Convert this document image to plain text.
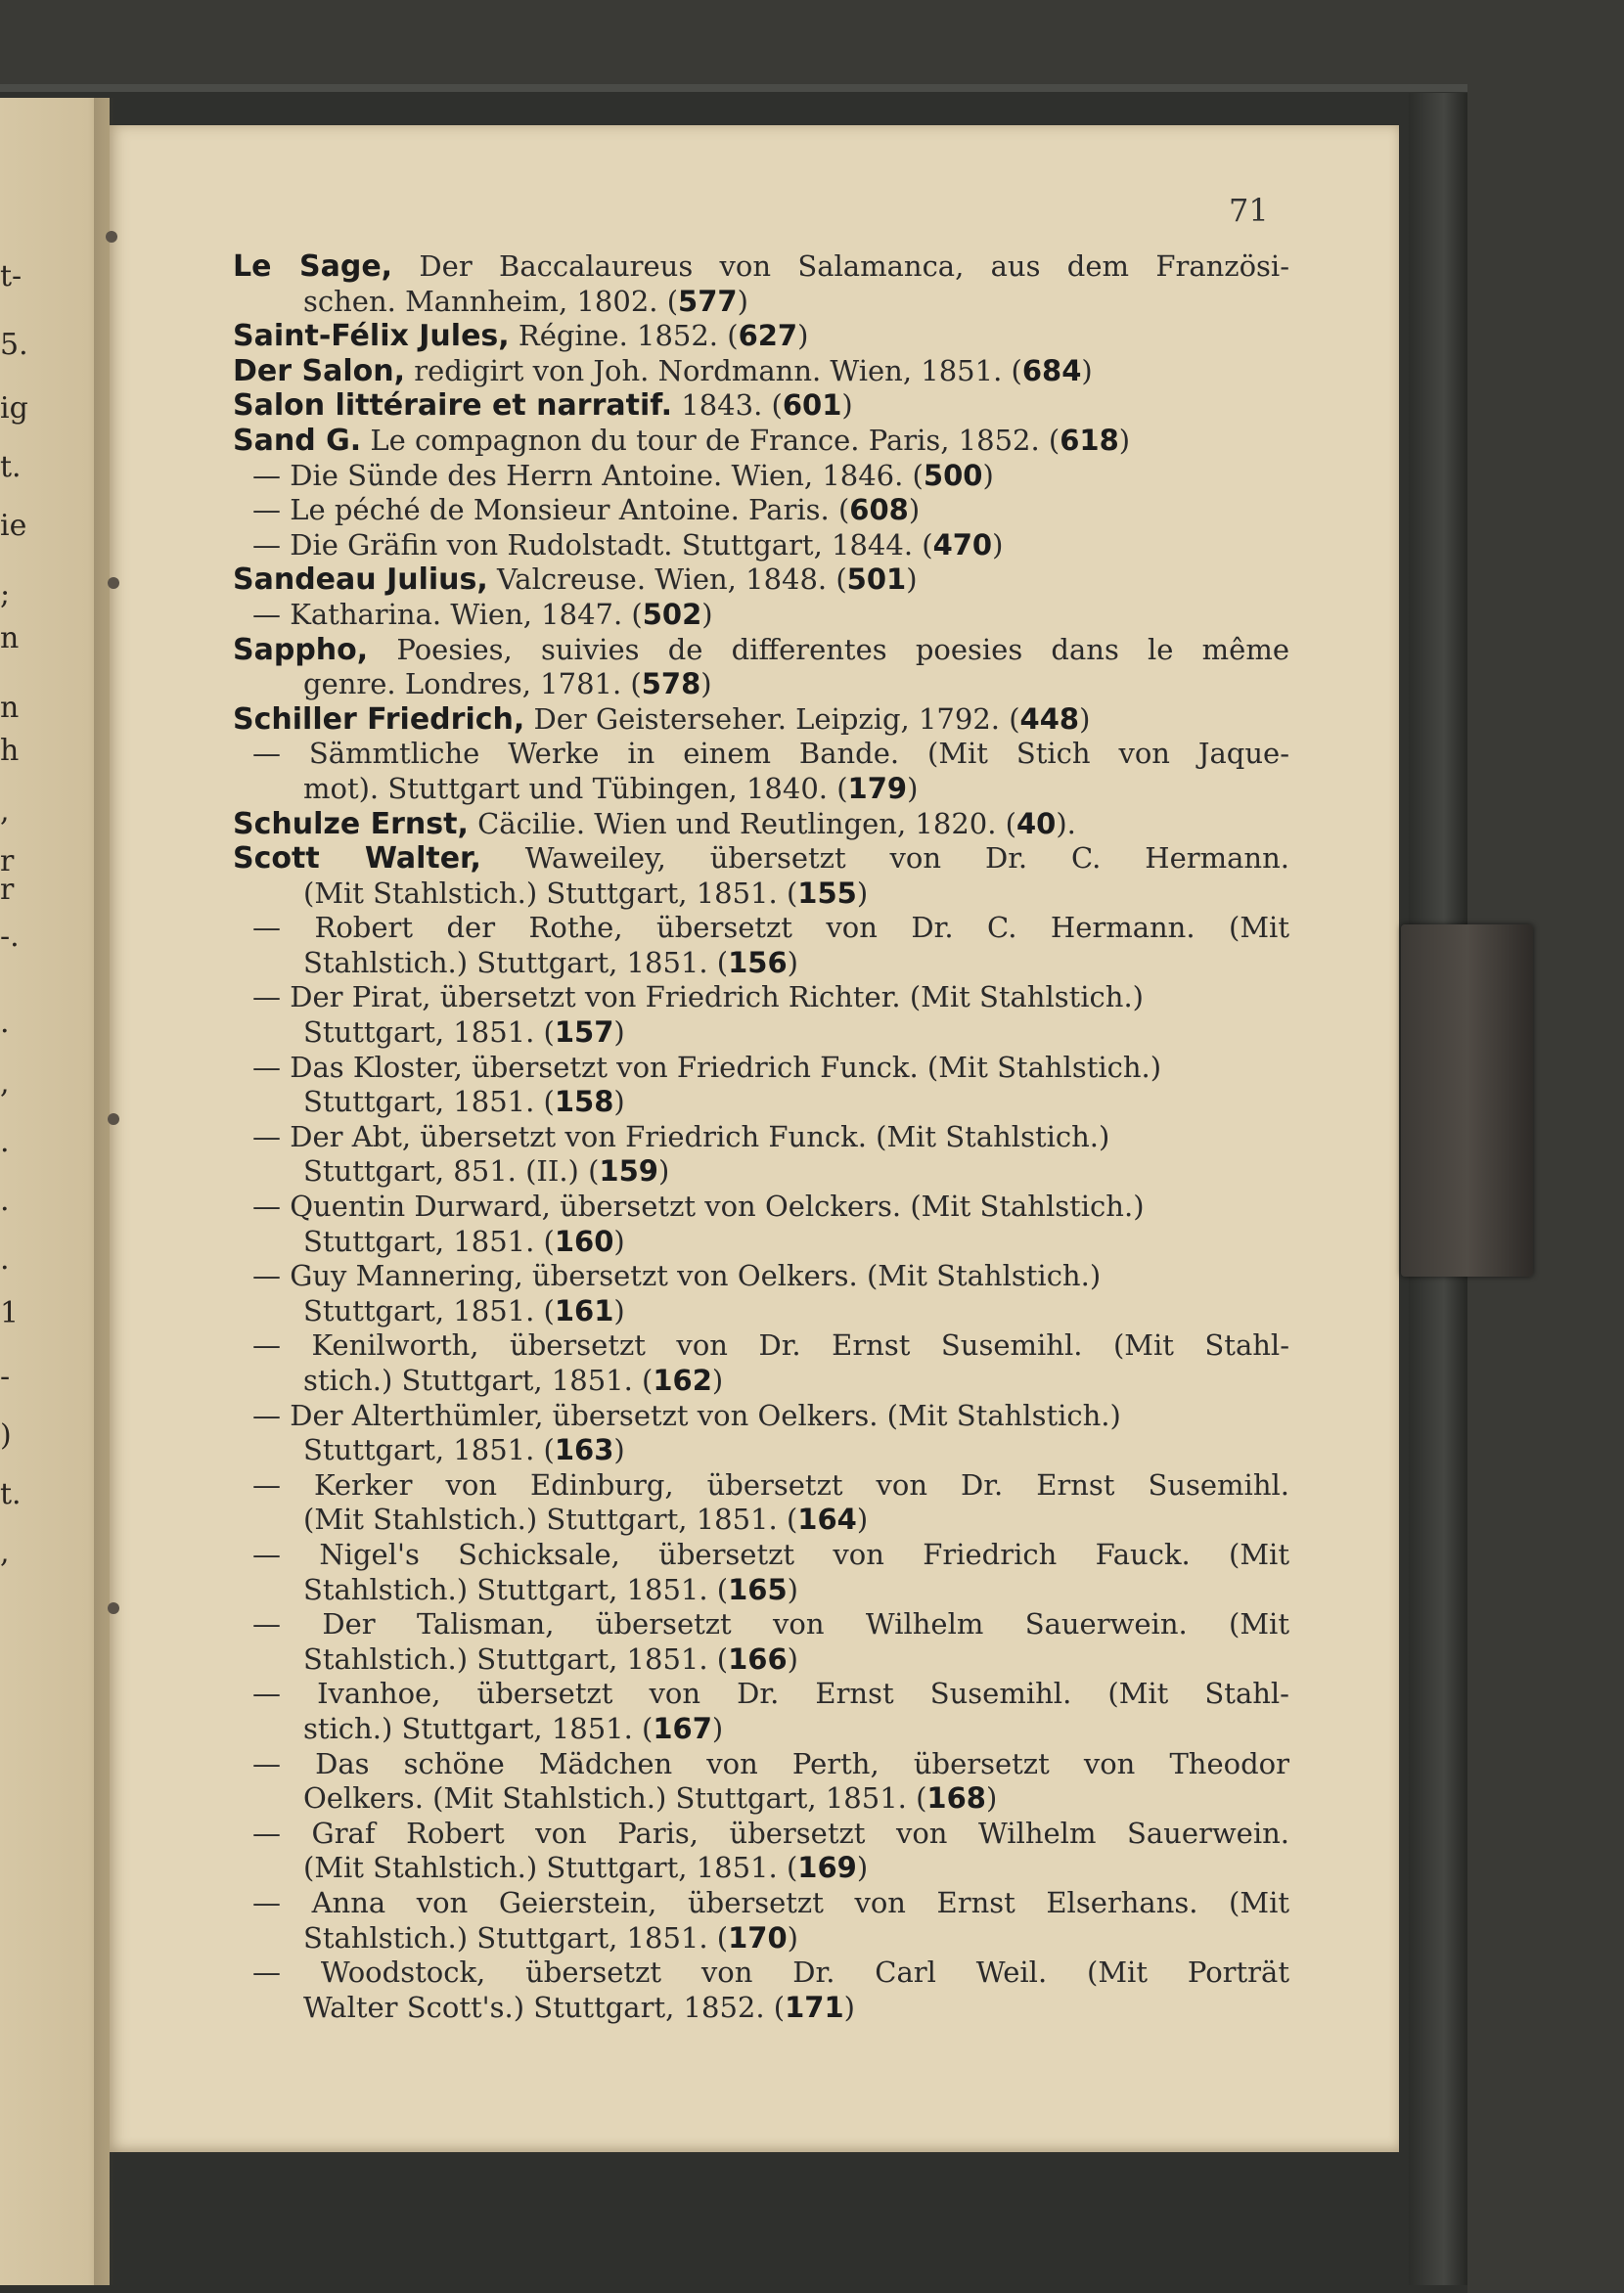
t-
5.
ig
t.
ie
;
n
n
h
,
r
r
-.
.
,
.
.
.
1
-
)
t.
,
71
Le Sage, Der Baccalaureus von Salamanca, aus dem Französi-
schen. Mannheim, 1802. (577)
Saint-Félix Jules, Régine. 1852. (627)
Der Salon, redigirt von Joh. Nordmann. Wien, 1851. (684)
Salon littéraire et narratif. 1843. (601)
Sand G. Le compagnon du tour de France. Paris, 1852. (618)
— Die Sünde des Herrn Antoine. Wien, 1846. (500)
— Le péché de Monsieur Antoine. Paris. (608)
— Die Gräfin von Rudolstadt. Stuttgart, 1844. (470)
Sandeau Julius, Valcreuse. Wien, 1848. (501)
— Katharina. Wien, 1847. (502)
Sappho, Poesies, suivies de differentes poesies dans le même
genre. Londres, 1781. (578)
Schiller Friedrich, Der Geisterseher. Leipzig, 1792. (448)
— Sämmtliche Werke in einem Bande. (Mit Stich von Jaque-
mot). Stuttgart und Tübingen, 1840. (179)
Schulze Ernst, Cäcilie. Wien und Reutlingen, 1820. (40).
Scott Walter, Waweiley, übersetzt von Dr. C. Hermann.
(Mit Stahlstich.) Stuttgart, 1851. (155)
— Robert der Rothe, übersetzt von Dr. C. Hermann. (Mit
Stahlstich.) Stuttgart, 1851. (156)
— Der Pirat, übersetzt von Friedrich Richter. (Mit Stahlstich.)
Stuttgart, 1851. (157)
— Das Kloster, übersetzt von Friedrich Funck. (Mit Stahlstich.)
Stuttgart, 1851. (158)
— Der Abt, übersetzt von Friedrich Funck. (Mit Stahlstich.)
Stuttgart, 851. (II.) (159)
— Quentin Durward, übersetzt von Oelckers. (Mit Stahlstich.)
Stuttgart, 1851. (160)
— Guy Mannering, übersetzt von Oelkers. (Mit Stahlstich.)
Stuttgart, 1851. (161)
— Kenilworth, übersetzt von Dr. Ernst Susemihl. (Mit Stahl-
stich.) Stuttgart, 1851. (162)
— Der Alterthümler, übersetzt von Oelkers. (Mit Stahlstich.)
Stuttgart, 1851. (163)
— Kerker von Edinburg, übersetzt von Dr. Ernst Susemihl.
(Mit Stahlstich.) Stuttgart, 1851. (164)
— Nigel's Schicksale, übersetzt von Friedrich Fauck. (Mit
Stahlstich.) Stuttgart, 1851. (165)
— Der Talisman, übersetzt von Wilhelm Sauerwein. (Mit
Stahlstich.) Stuttgart, 1851. (166)
— Ivanhoe, übersetzt von Dr. Ernst Susemihl. (Mit Stahl-
stich.) Stuttgart, 1851. (167)
— Das schöne Mädchen von Perth, übersetzt von Theodor
Oelkers. (Mit Stahlstich.) Stuttgart, 1851. (168)
— Graf Robert von Paris, übersetzt von Wilhelm Sauerwein.
(Mit Stahlstich.) Stuttgart, 1851. (169)
— Anna von Geierstein, übersetzt von Ernst Elserhans. (Mit
Stahlstich.) Stuttgart, 1851. (170)
— Woodstock, übersetzt von Dr. Carl Weil. (Mit Porträt
Walter Scott's.) Stuttgart, 1852. (171)
